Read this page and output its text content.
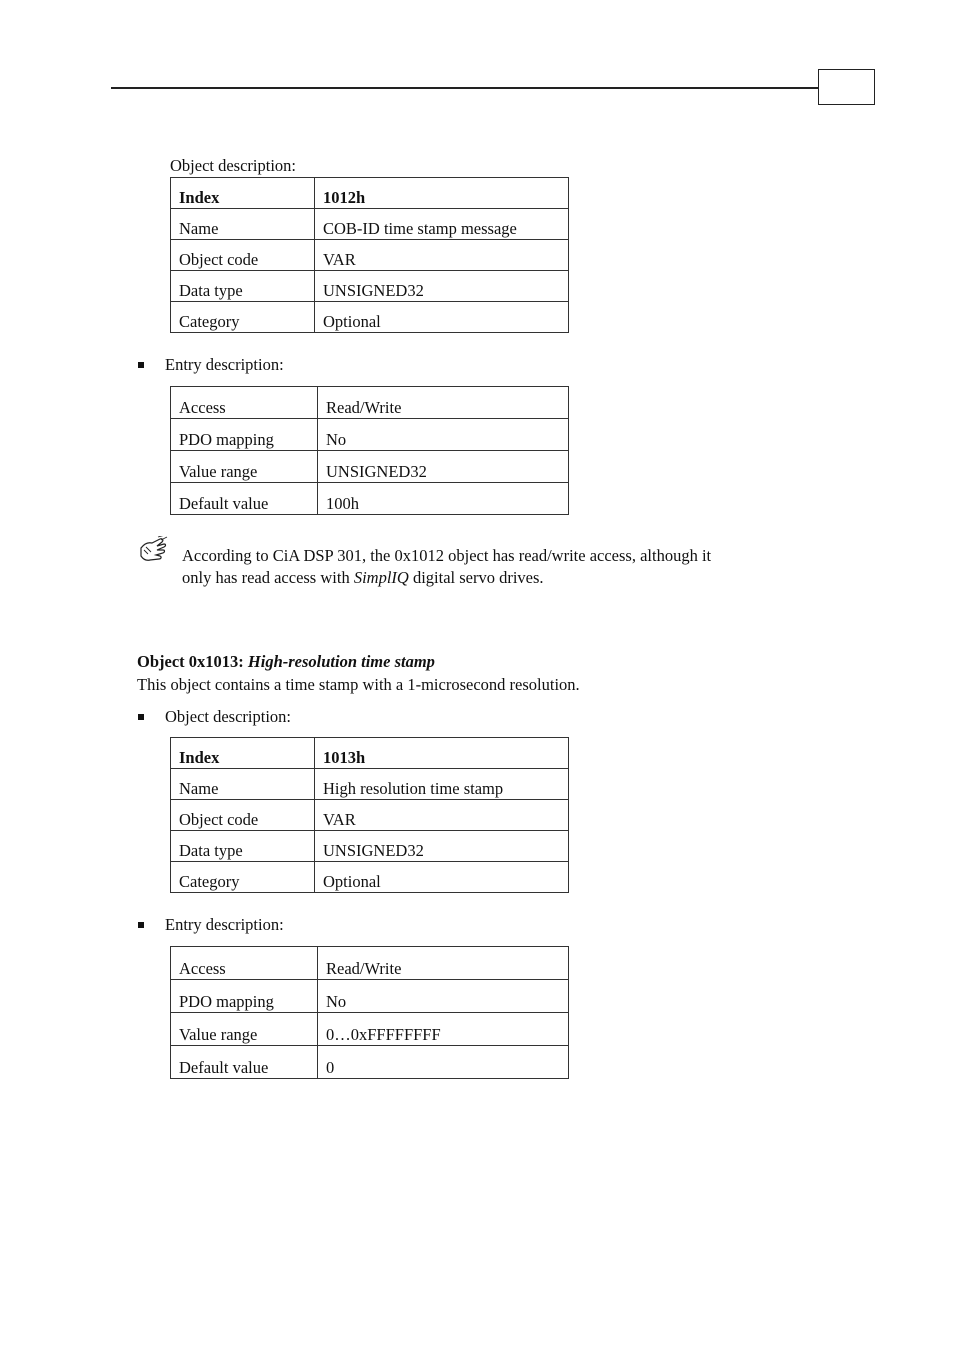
Object description:
Index	1012h
Name	COB-ID time stamp message
Object code	VAR
Data type	UNSIGNED32
Category	Optional
Entry description:
Access	Read/Write
PDO mapping	No
Value range	UNSIGNED32
Default value	100h
According to CiA DSP 301, the 0x1012 object has read/write access, although it
only has read access with SimplIQ digital servo drives.
Object 0x1013: High-resolution time stamp
This object contains a time stamp with a 1-microsecond resolution.
Object description:
Index	1013h
Name	High resolution time stamp
Object code	VAR
Data type	UNSIGNED32
Category	Optional
Entry description:
Access	Read/Write
PDO mapping	No
Value range	0…0xFFFFFFFF
Default value	0
